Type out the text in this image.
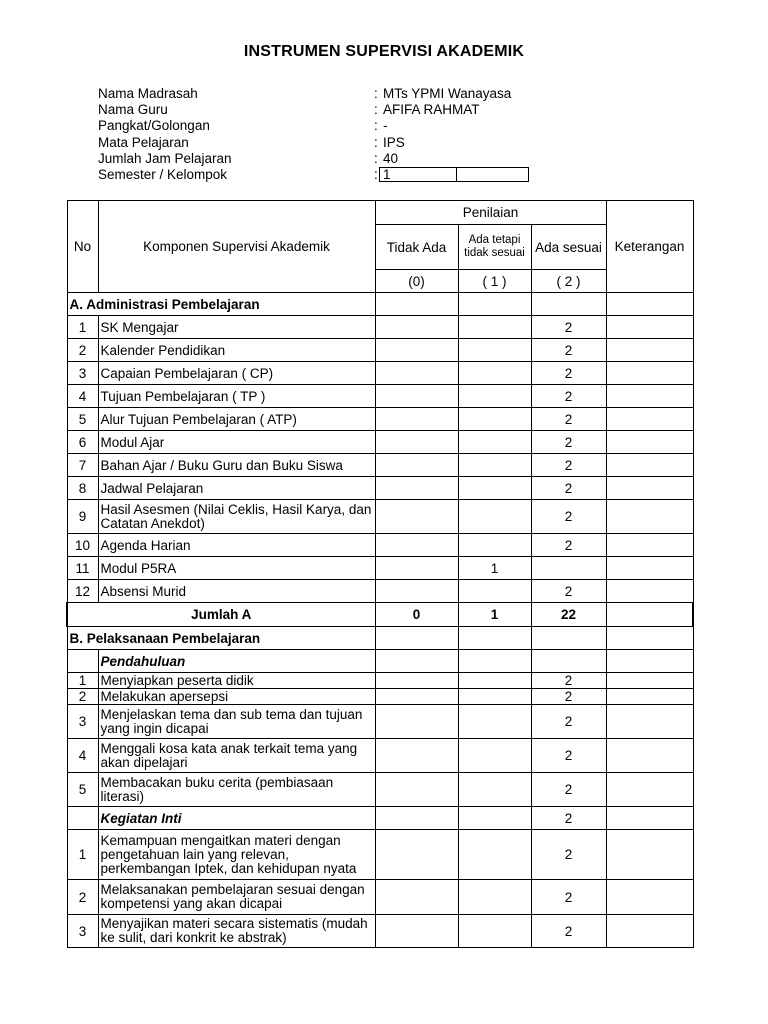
INSTRUMEN SUPERVISI AKADEMIK
Nama Madrasah	: MTs YPMI Wanayasa
Nama Guru	: AFIFA RAHMAT
Pangkat/Golongan	: -
Mata Pelajaran	: IPS
Jumlah Jam Pelajaran	: 40
Semester / Kelompok	: 1
No	Komponen Supervisi Akademik	Penilaian			Keterangan
		Tidak Ada	Ada tetapi tidak sesuai	Ada sesuai	
		(0)	( 1 )	( 2 )	
A. Administrasi Pembelajaran					
1	SK Mengajar			2	
2	Kalender Pendidikan			2	
3	Capaian Pembelajaran ( CP)			2	
4	Tujuan Pembelajaran ( TP )			2	
5	Alur Tujuan Pembelajaran ( ATP)			2	
6	Modul Ajar			2	
7	Bahan Ajar / Buku Guru dan Buku Siswa			2	
8	Jadwal Pelajaran			2	
9	Hasil Asesmen (Nilai Ceklis, Hasil Karya, dan Catatan Anekdot)			2	
10	Agenda Harian			2	
11	Modul P5RA		1		
12	Absensi Murid			2	
Jumlah A		0	1	22	
B. Pelaksanaan Pembelajaran					
	Pendahuluan				
1	Menyiapkan peserta didik			2	
2	Melakukan apersepsi			2	
3	Menjelaskan tema dan sub tema dan tujuan yang ingin dicapai			2	
4	Menggali kosa kata anak terkait tema yang akan dipelajari			2	
5	Membacakan buku cerita (pembiasaan literasi)			2	
	Kegiatan Inti			2	
1	Kemampuan mengaitkan materi dengan pengetahuan lain yang relevan, perkembangan Iptek, dan kehidupan nyata			2	
2	Melaksanakan pembelajaran sesuai dengan kompetensi yang akan dicapai			2	
3	Menyajikan materi secara sistematis (mudah ke sulit, dari konkrit ke abstrak)			2	
